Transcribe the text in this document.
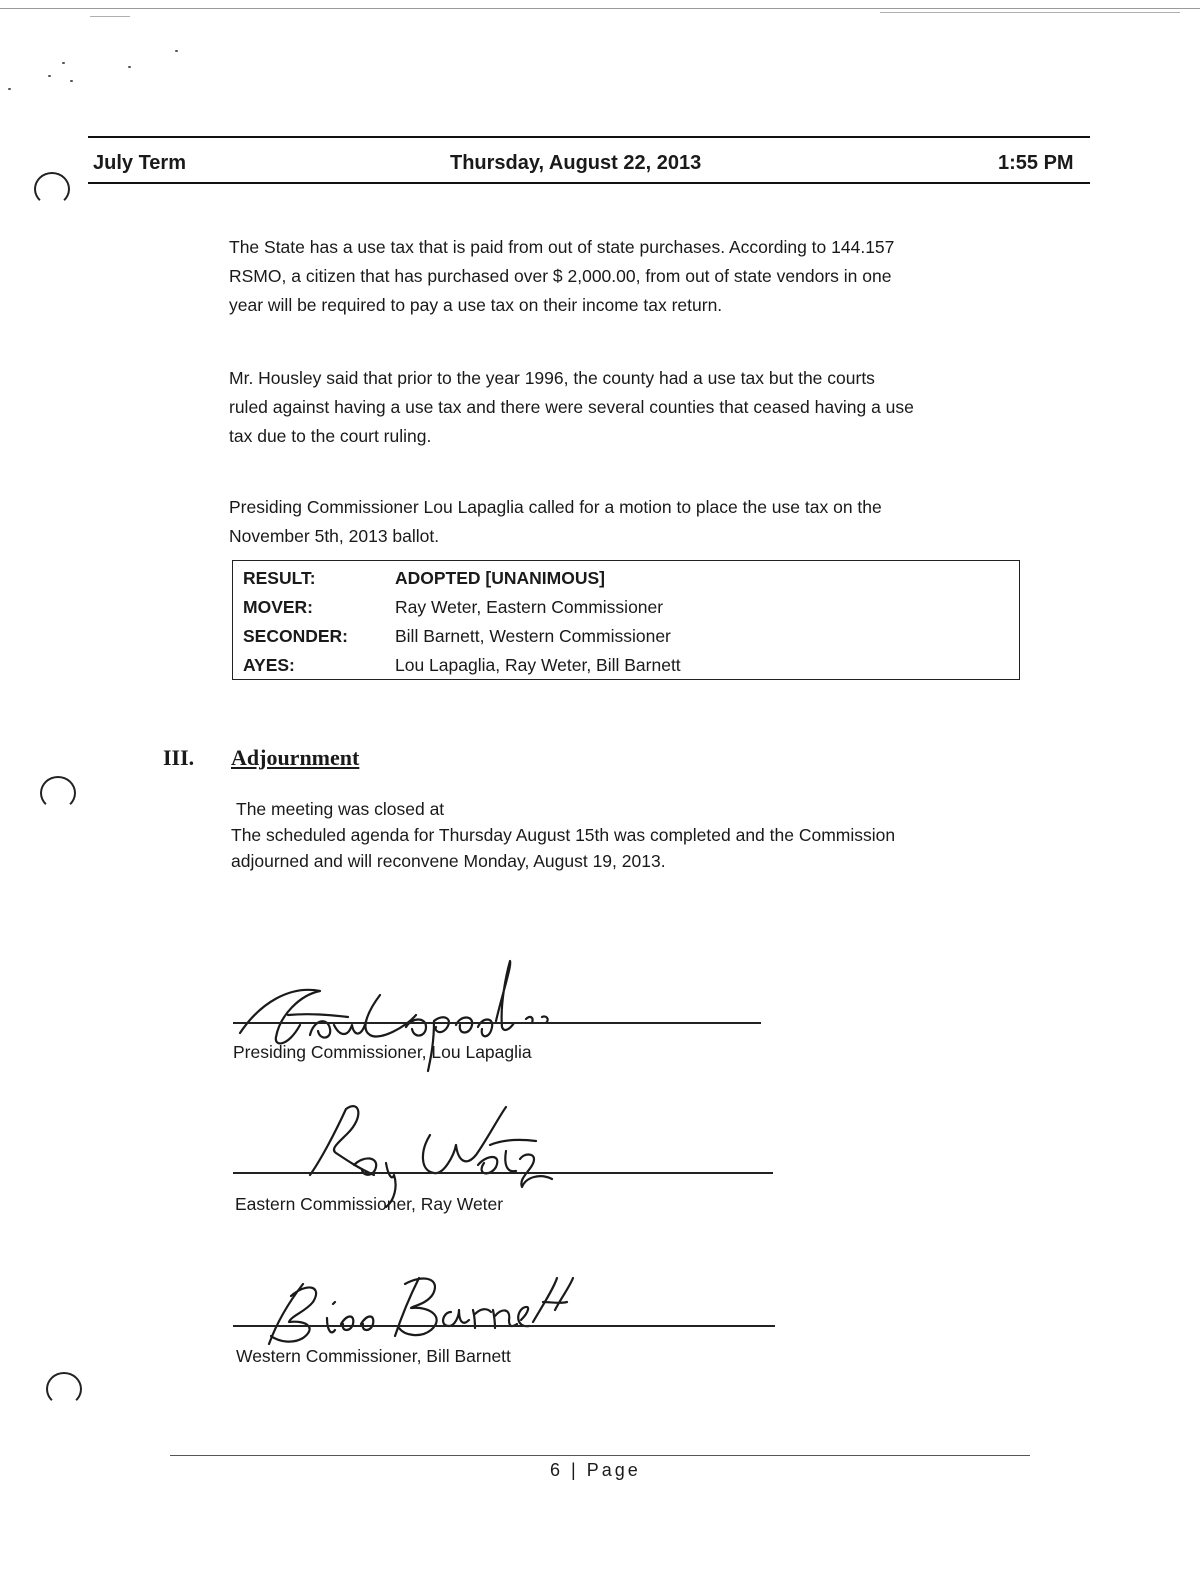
July Term	Thursday, August 22, 2013	1:55 PM

The State has a use tax that is paid from out of state purchases. According to 144.157

RSMO, a citizen that has purchased over $ 2,000.00, from out of state vendors in one

year will be required to pay a use tax on their income tax return.

Mr. Housley said that prior to the year 1996, the county had a use tax but the courts

ruled against having a use tax and there were several counties that ceased having a use

tax due to the court ruling.

Presiding Commissioner Lou Lapaglia called for a motion to place the use tax on the

November 5th, 2013 ballot.

RESULT:	ADOPTED [UNANIMOUS]
MOVER:	Ray Weter, Eastern Commissioner
SECONDER:	Bill Barnett, Western Commissioner
AYES:	Lou Lapaglia, Ray Weter, Bill Barnett
III. Adjournment

The meeting was closed at

The scheduled agenda for Thursday August 15th was completed and the Commission

adjourned and will reconvene Monday, August 19, 2013.

Presiding Commissioner, Lou Lapaglia
Eastern Commissioner, Ray Weter
Western Commissioner, Bill Barnett
6 | Page
